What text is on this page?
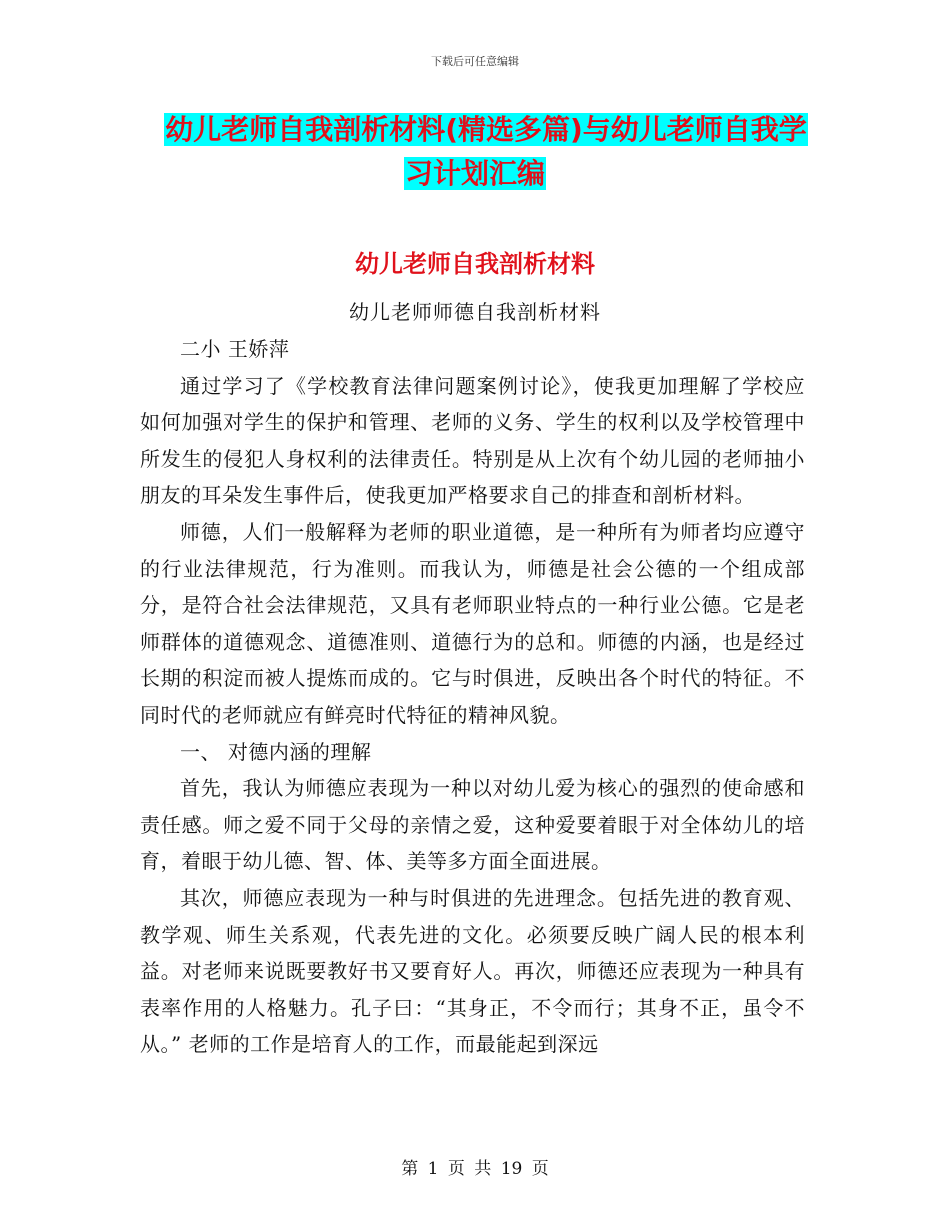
下载后可任意编辑
幼儿老师自我剖析材料(精选多篇)与幼儿老师自我学
习计划汇编
幼儿老师自我剖析材料
幼儿老师师德自我剖析材料

二小 王娇萍

通过学习了《学校教育法律问题案例讨论》，使我更加理解了学校应如何加强对学生的保护和管理、老师的义务、学生的权利以及学校管理中所发生的侵犯人身权利的法律责任。特别是从上次有个幼儿园的老师抽小朋友的耳朵发生事件后，使我更加严格要求自己的排查和剖析材料。

师德，人们一般解释为老师的职业道德，是一种所有为师者均应遵守的行业法律规范，行为准则。而我认为，师德是社会公德的一个组成部分，是符合社会法律规范，又具有老师职业特点的一种行业公德。它是老师群体的道德观念、道德准则、道德行为的总和。师德的内涵，也是经过长期的积淀而被人提炼而成的。它与时俱进，反映出各个时代的特征。不同时代的老师就应有鲜亮时代特征的精神风貌。

一、 对德内涵的理解

首先，我认为师德应表现为一种以对幼儿爱为核心的强烈的使命感和责任感。师之爱不同于父母的亲情之爱，这种爱要着眼于对全体幼儿的培育，着眼于幼儿德、智、体、美等多方面全面进展。

其次，师德应表现为一种与时俱进的先进理念。包括先进的教育观、教学观、师生关系观，代表先进的文化。必须要反映广阔人民的根本利益。对老师来说既要教好书又要育好人。再次，师德还应表现为一种具有表率作用的人格魅力。孔子曰：“其身正，不令而行；其身不正，虽令不从。” 老师的工作是培育人的工作，而最能起到深远

第 1 页 共 19 页
